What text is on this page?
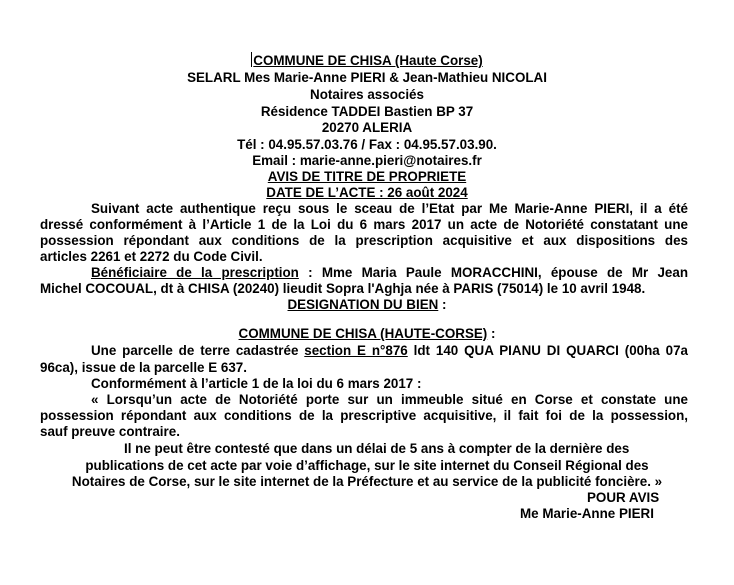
COMMUNE DE CHISA (Haute Corse)
SELARL Mes Marie-Anne PIERI & Jean-Mathieu NICOLAI
Notaires associés
Résidence TADDEI Bastien BP 37
20270 ALERIA
Tél : 04.95.57.03.76 / Fax : 04.95.57.03.90.
Email : marie-anne.pieri@notaires.fr
AVIS DE TITRE DE PROPRIETE
DATE DE L’ACTE : 26 août 2024
Suivant acte authentique reçu sous le sceau de l’Etat par Me Marie-Anne PIERI, il a été
dressé conformément à l’Article 1 de la Loi du 6 mars 2017 un acte de Notoriété constatant une
possession répondant aux conditions de la prescription acquisitive et aux dispositions des
articles 2261 et 2272 du Code Civil.
Bénéficiaire de la prescription : Mme Maria Paule MORACCHINI, épouse de Mr Jean
Michel COCOUAL, dt à CHISA (20240) lieudit Sopra l'Aghja née à PARIS (75014) le 10 avril 1948.
DESIGNATION DU BIEN :
COMMUNE DE CHISA (HAUTE-CORSE) :
Une parcelle de terre cadastrée section E n°876 ldt 140 QUA PIANU DI QUARCI (00ha 07a
96ca), issue de la parcelle E 637.
Conformément à l’article 1 de la loi du 6 mars 2017 :
« Lorsqu’un acte de Notoriété porte sur un immeuble situé en Corse et constate une
possession répondant aux conditions de la prescriptive acquisitive, il fait foi de la possession,
sauf preuve contraire.
Il ne peut être contesté que dans un délai de 5 ans à compter de la dernière des
publications de cet acte par voie d’affichage, sur le site internet du Conseil Régional des
Notaires de Corse, sur le site internet de la Préfecture et au service de la publicité foncière. »
POUR AVIS
Me Marie-Anne PIERI
